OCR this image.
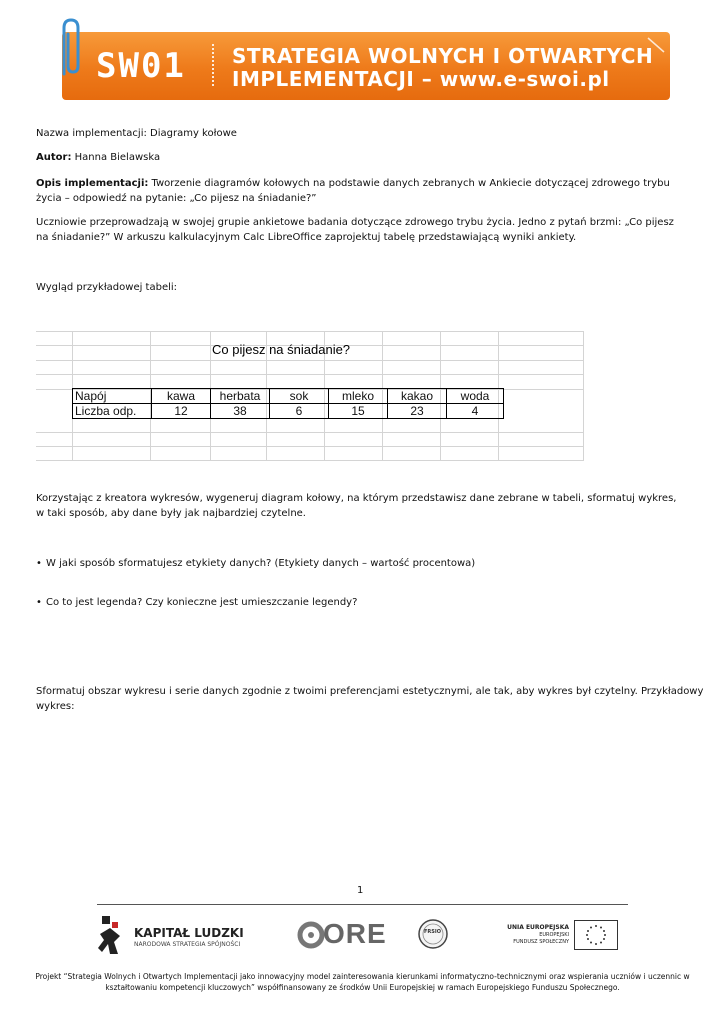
SW01 STRATEGIA WOLNYCH I OTWARTYCH
IMPLEMENTACJI – www.e-swoi.pl
Nazwa implementacji: Diagramy kołowe
Autor: Hanna Bielawska
Opis implementacji: Tworzenie diagramów kołowych na podstawie danych zebranych w Ankiecie dotyczącej zdrowego trybu życia – odpowiedź na pytanie: „Co pijesz na śniadanie?”
Uczniowie przeprowadzają w swojej grupie ankietowe badania dotyczące zdrowego trybu życia. Jedno z pytań brzmi: „Co pijesz na śniadanie?” W arkuszu kalkulacyjnym Calc LibreOffice zaprojektuj tabelę przedstawiającą wyniki ankiety.
Wygląd przykładowej tabeli:
Co pijesz na śniadanie?
Napój	kawa	herbata	sok	mleko	kakao	woda
Liczba odp.	12	38	6	15	23	4
Korzystając z kreatora wykresów, wygeneruj diagram kołowy, na którym przedstawisz dane zebrane w tabeli, sformatuj wykres, w taki sposób, aby dane były jak najbardziej czytelne.
• W jaki sposób sformatujesz etykiety danych? (Etykiety danych – wartość procentowa)
• Co to jest legenda? Czy konieczne jest umieszczanie legendy?
Sformatuj obszar wykresu i serie danych zgodnie z twoimi preferencjami estetycznymi, ale tak, aby wykres był czytelny. Przykładowy wykres:
1
KAPITAŁ LUDZKI
NARODOWA STRATEGIA SPÓJNOŚCI	ORE	FRSIO
UNIA EUROPEJSKA
EUROPEJSKI
FUNDUSZ SPOŁECZNY
Projekt “Strategia Wolnych i Otwartych Implementacji jako innowacyjny model zainteresowania kierunkami informatyczno-technicznymi oraz wspierania uczniów i uczennic w
kształtowaniu kompetencji kluczowych” współfinansowany ze środków Unii Europejskiej w ramach Europejskiego Funduszu Społecznego.
